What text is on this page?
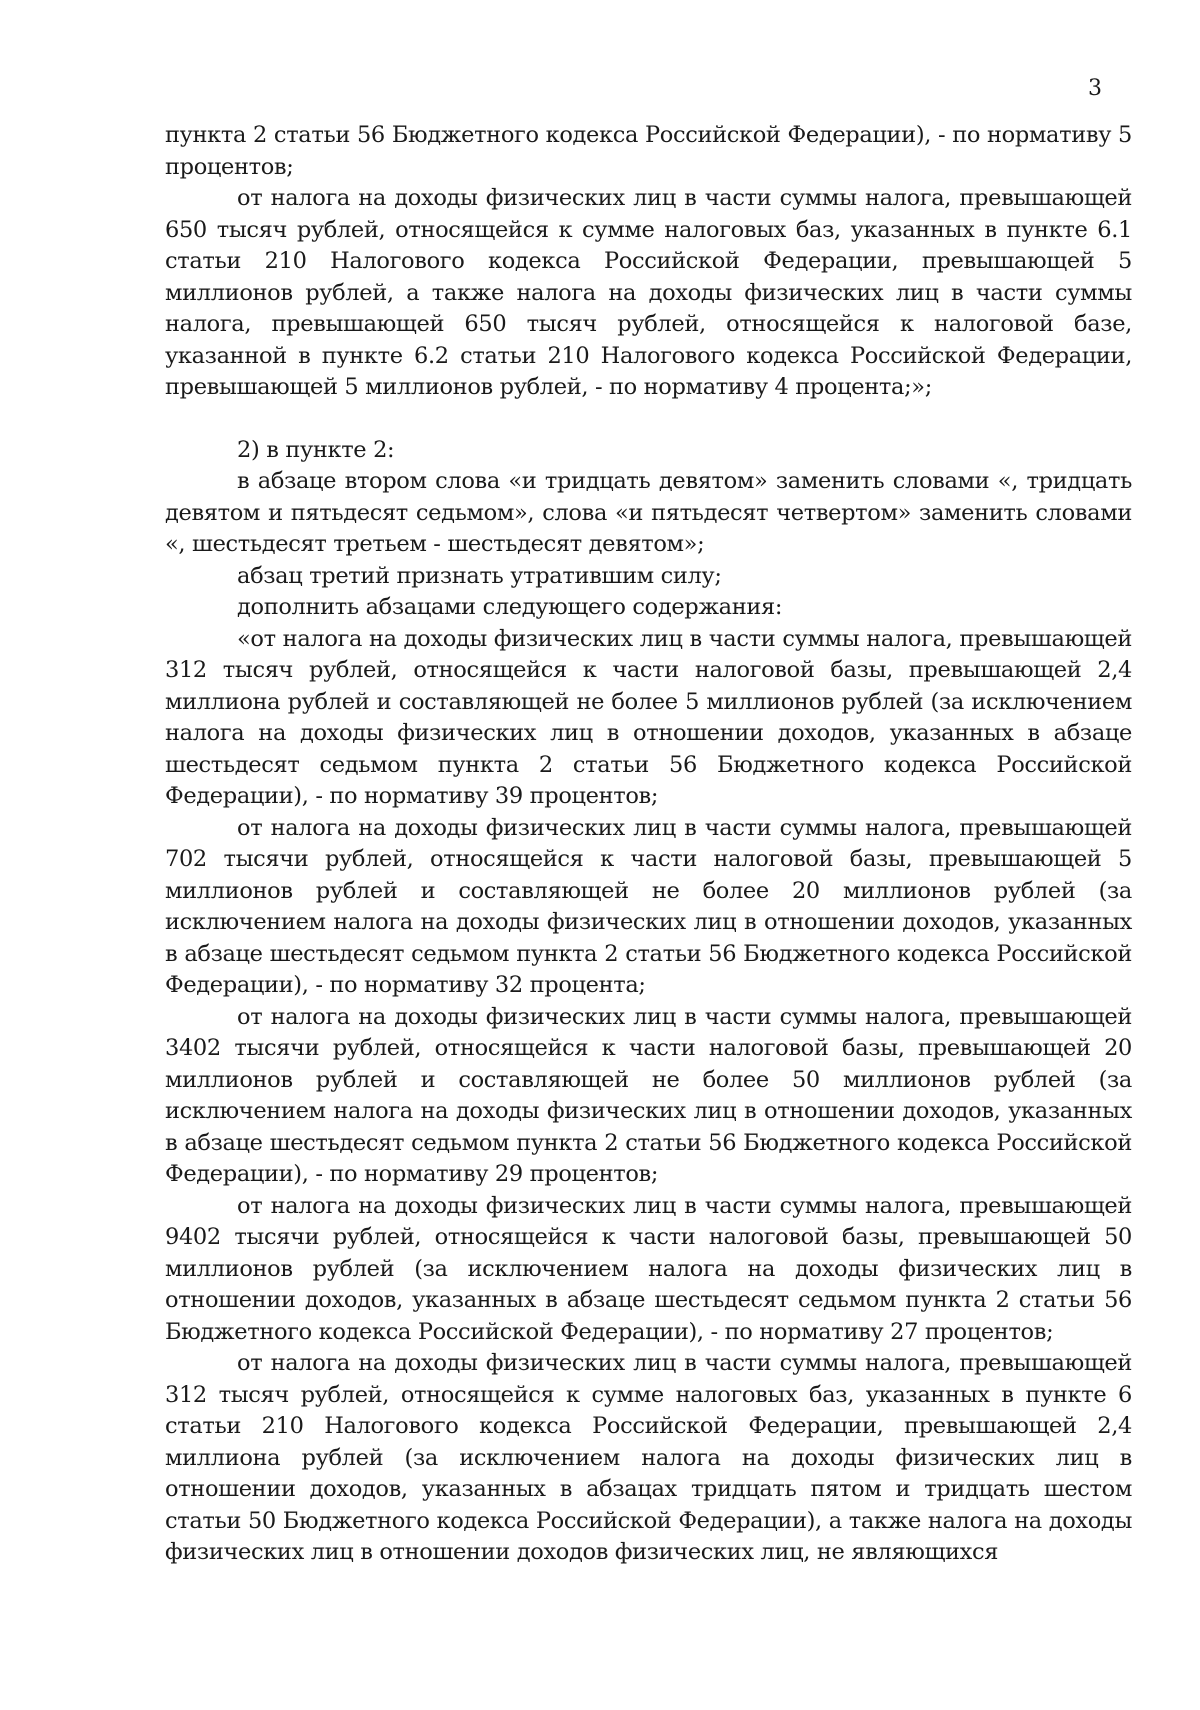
3

пункта 2 статьи 56 Бюджетного кодекса Российской Федерации), - по нормативу 5 процентов;

от налога на доходы физических лиц в части суммы налога, превышающей 650 тысяч рублей, относящейся к сумме налоговых баз, указанных в пункте 6.1 статьи 210 Налогового кодекса Российской Федерации, превышающей 5 миллионов рублей, а также налога на доходы физических лиц в части суммы налога, превышающей 650 тысяч рублей, относящейся к налоговой базе, указанной в пункте 6.2 статьи 210 Налогового кодекса Российской Федерации, превышающей 5 миллионов рублей, - по нормативу 4 процента;»;

2) в пункте 2:

в абзаце втором слова «и тридцать девятом» заменить словами «, тридцать девятом и пятьдесят седьмом», слова «и пятьдесят четвертом» заменить словами «, шестьдесят третьем - шестьдесят девятом»;

абзац третий признать утратившим силу;

дополнить абзацами следующего содержания:

«от налога на доходы физических лиц в части суммы налога, превышающей 312 тысяч рублей, относящейся к части налоговой базы, превышающей 2,4 миллиона рублей и составляющей не более 5 миллионов рублей (за исключением налога на доходы физических лиц в отношении доходов, указанных в абзаце шестьдесят седьмом пункта 2 статьи 56 Бюджетного кодекса Российской Федерации), - по нормативу 39 процентов;

от налога на доходы физических лиц в части суммы налога, превышающей 702 тысячи рублей, относящейся к части налоговой базы, превышающей 5 миллионов рублей и составляющей не более 20 миллионов рублей (за исключением налога на доходы физических лиц в отношении доходов, указанных в абзаце шестьдесят седьмом пункта 2 статьи 56 Бюджетного кодекса Российской Федерации), - по нормативу 32 процента;

от налога на доходы физических лиц в части суммы налога, превышающей 3402 тысячи рублей, относящейся к части налоговой базы, превышающей 20 миллионов рублей и составляющей не более 50 миллионов рублей (за исключением налога на доходы физических лиц в отношении доходов, указанных в абзаце шестьдесят седьмом пункта 2 статьи 56 Бюджетного кодекса Российской Федерации), - по нормативу 29 процентов;

от налога на доходы физических лиц в части суммы налога, превышающей 9402 тысячи рублей, относящейся к части налоговой базы, превышающей 50 миллионов рублей (за исключением налога на доходы физических лиц в отношении доходов, указанных в абзаце шестьдесят седьмом пункта 2 статьи 56 Бюджетного кодекса Российской Федерации), - по нормативу 27 процентов;

от налога на доходы физических лиц в части суммы налога, превышающей 312 тысяч рублей, относящейся к сумме налоговых баз, указанных в пункте 6 статьи 210 Налогового кодекса Российской Федерации, превышающей 2,4 миллиона рублей (за исключением налога на доходы физических лиц в отношении доходов, указанных в абзацах тридцать пятом и тридцать шестом статьи 50 Бюджетного кодекса Российской Федерации), а также налога на доходы физических лиц в отношении доходов физических лиц, не являющихся
